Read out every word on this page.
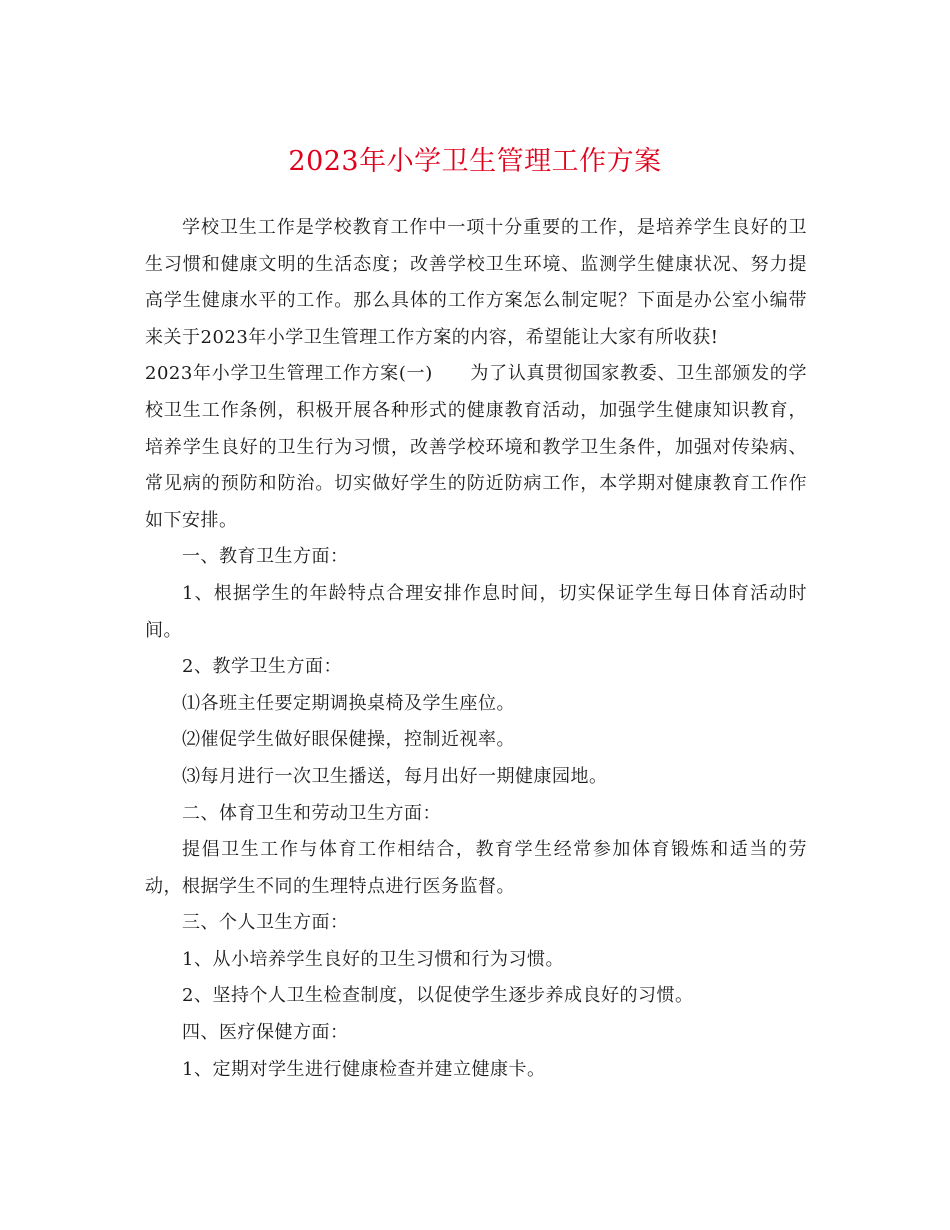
2023年小学卫生管理工作方案

学校卫生工作是学校教育工作中一项十分重要的工作，是培养学生良好的卫生习惯和健康文明的生活态度；改善学校卫生环境、监测学生健康状况、努力提高学生健康水平的工作。那么具体的工作方案怎么制定呢？下面是办公室小编带来关于2023年小学卫生管理工作方案的内容，希望能让大家有所收获!

2023年小学卫生管理工作方案(一)　　为了认真贯彻国家教委、卫生部颁发的学校卫生工作条例，积极开展各种形式的健康教育活动，加强学生健康知识教育，培养学生良好的卫生行为习惯，改善学校环境和教学卫生条件，加强对传染病、常见病的预防和防治。切实做好学生的防近防病工作，本学期对健康教育工作作如下安排。

一、教育卫生方面：

1、根据学生的年龄特点合理安排作息时间，切实保证学生每日体育活动时间。

2、教学卫生方面：

⑴各班主任要定期调换桌椅及学生座位。

⑵催促学生做好眼保健操，控制近视率。

⑶每月进行一次卫生播送，每月出好一期健康园地。

二、体育卫生和劳动卫生方面：

提倡卫生工作与体育工作相结合，教育学生经常参加体育锻炼和适当的劳动，根据学生不同的生理特点进行医务监督。

三、个人卫生方面：

1、从小培养学生良好的卫生习惯和行为习惯。

2、坚持个人卫生检查制度，以促使学生逐步养成良好的习惯。

四、医疗保健方面：

1、定期对学生进行健康检查并建立健康卡。
